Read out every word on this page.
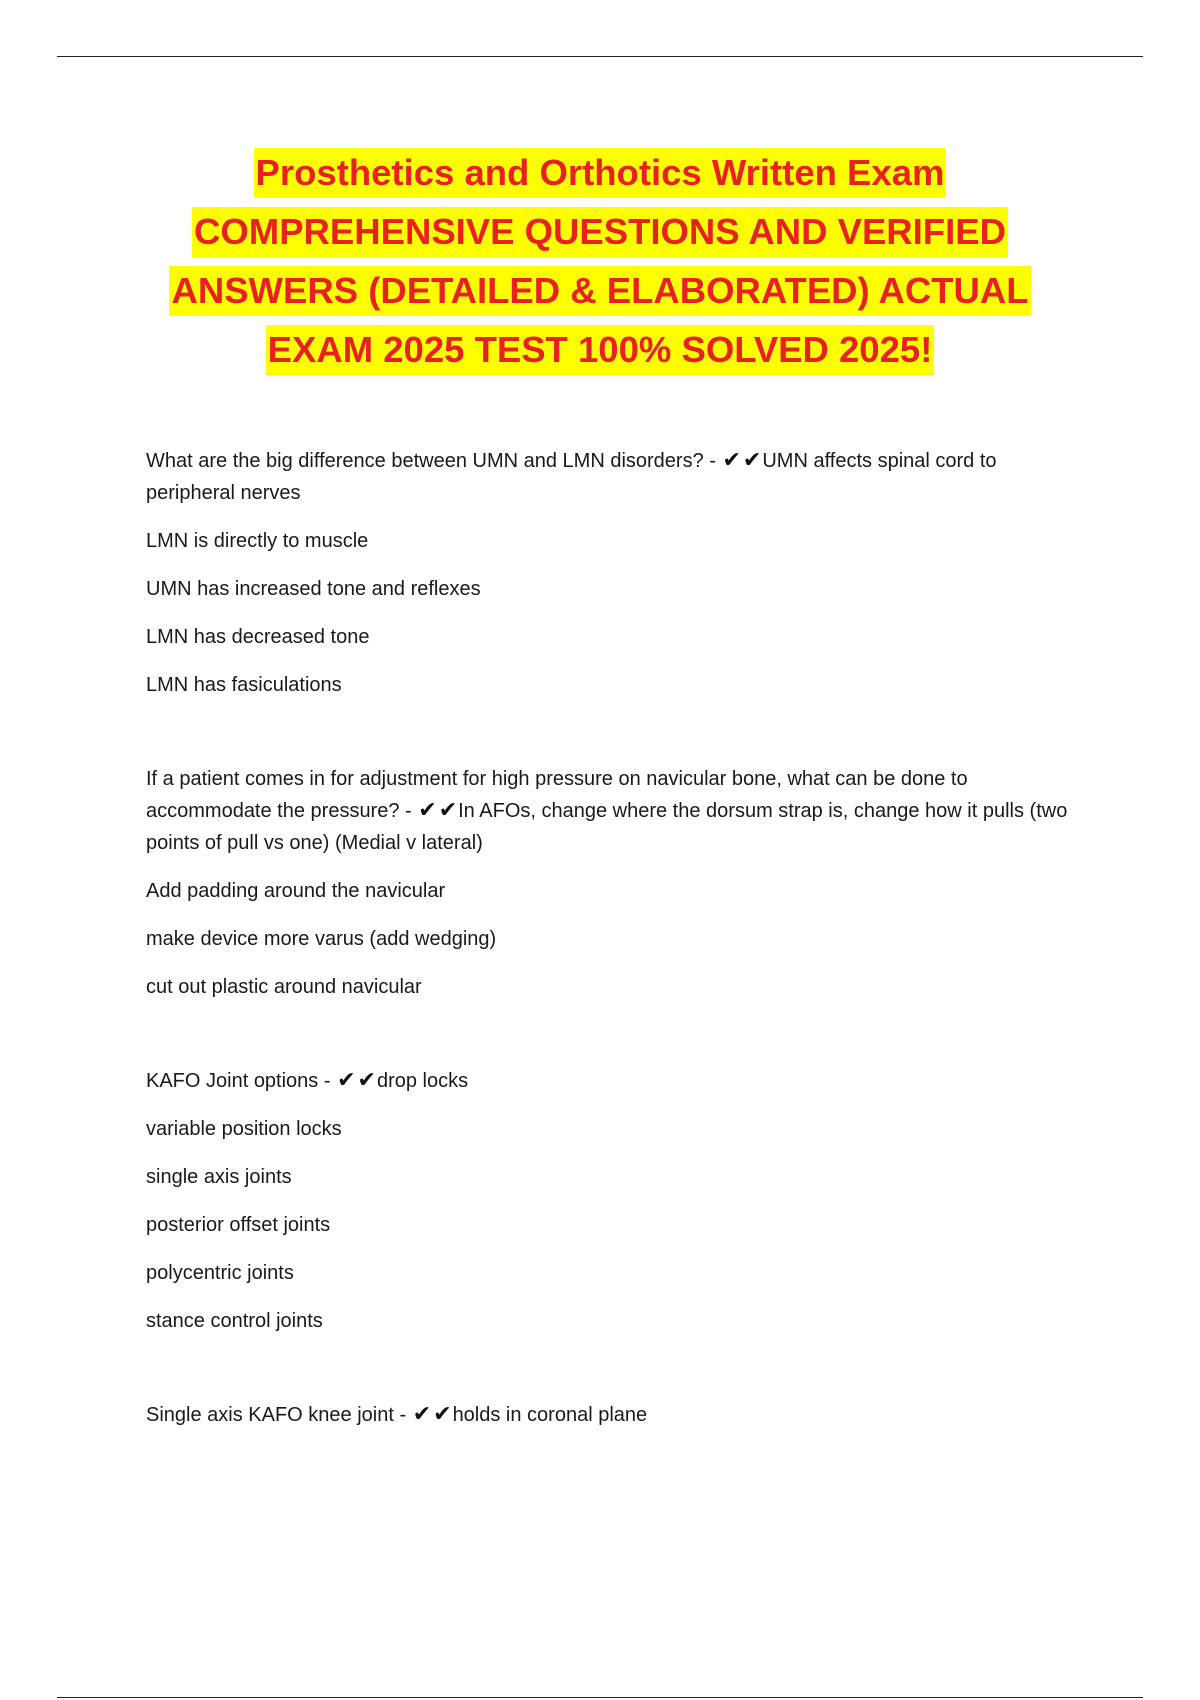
Prosthetics and Orthotics Written Exam
COMPREHENSIVE QUESTIONS AND VERIFIED
ANSWERS (DETAILED & ELABORATED) ACTUAL
EXAM 2025 TEST 100% SOLVED 2025!

What are the big difference between UMN and LMN disorders? - ✔✔UMN affects spinal cord to peripheral nerves

LMN is directly to muscle

UMN has increased tone and reflexes

LMN has decreased tone

LMN has fasiculations

If a patient comes in for adjustment for high pressure on navicular bone, what can be done to accommodate the pressure? - ✔✔In AFOs, change where the dorsum strap is, change how it pulls (two points of pull vs one) (Medial v lateral)

Add padding around the navicular

make device more varus (add wedging)

cut out plastic around navicular

KAFO Joint options - ✔✔drop locks

variable position locks

single axis joints

posterior offset joints

polycentric joints

stance control joints

Single axis KAFO knee joint - ✔✔holds in coronal plane
